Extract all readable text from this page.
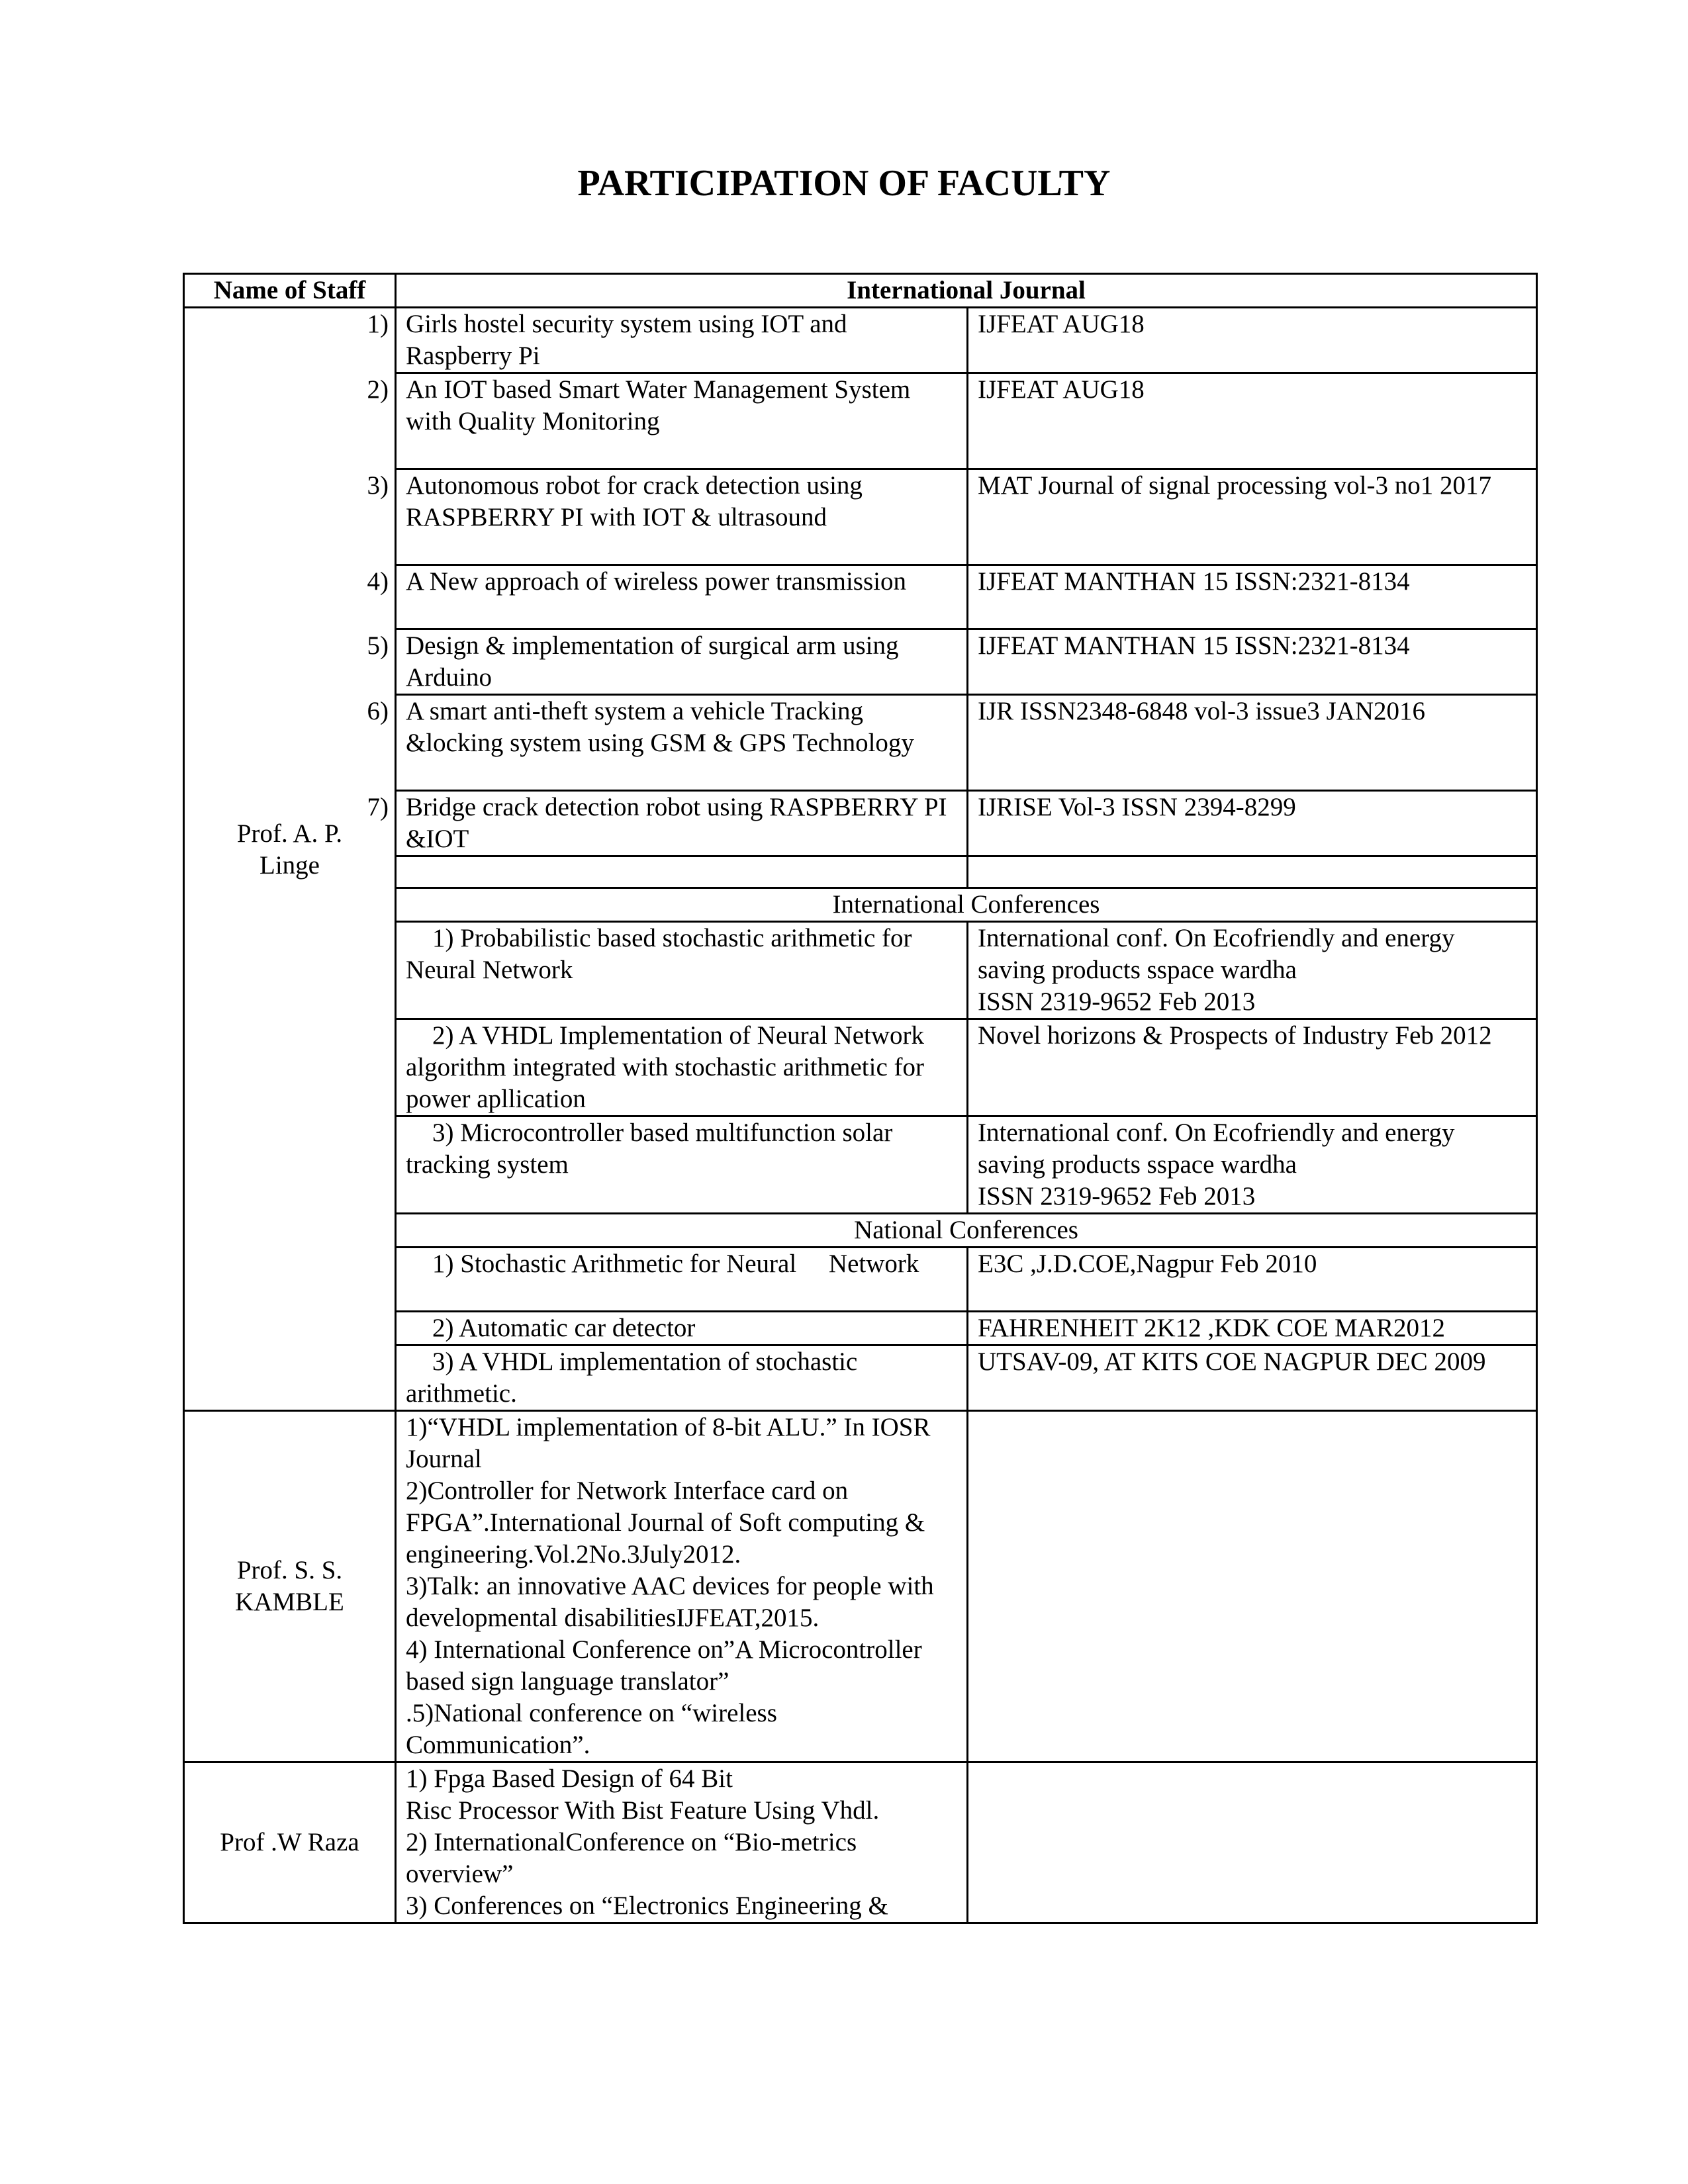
PARTICIPATION OF FACULTY
Name of Staff	International Journal	
Prof. A. P. Linge	1) Girls hostel security system using IOT and Raspberry Pi	IJFEAT AUG18
	2) An IOT based Smart Water Management System with Quality Monitoring	IJFEAT AUG18
	3) Autonomous robot for crack detection using RASPBERRY PI with IOT & ultrasound	MAT Journal of signal processing vol-3 no1 2017
	4) A New approach of wireless power transmission	IJFEAT MANTHAN 15 ISSN:2321-8134
	5) Design & implementation of surgical arm using Arduino	IJFEAT MANTHAN 15 ISSN:2321-8134
	6) A smart anti-theft system a vehicle Tracking &locking system using GSM & GPS Technology	IJR ISSN2348-6848 vol-3 issue3 JAN2016
	7) Bridge crack detection robot using RASPBERRY PI &IOT	IJRISE Vol-3 ISSN 2394-8299

	International Conferences	
	1) Probabilistic based stochastic arithmetic for Neural Network	International conf. On Ecofriendly and energy saving products sspace wardha
ISSN 2319-9652 Feb 2013

	2) A VHDL Implementation of Neural Network algorithm integrated with stochastic arithmetic for power apllication	Novel horizons & Prospects of Industry Feb 2012

	3) Microcontroller based multifunction solar tracking system	International conf. On Ecofriendly and energy saving products sspace wardha
ISSN 2319-9652 Feb 2013

	National Conferences	
	1) Stochastic Arithmetic for Neural     Network	E3C ,J.D.COE,Nagpur Feb 2010
	2) Automatic car detector	FAHRENHEIT 2K12 ,KDK COE MAR2012
	3) A VHDL implementation of stochastic arithmetic.	UTSAV-09, AT KITS COE NAGPUR DEC 2009
Prof. S. S. KAMBLE	1)“VHDL implementation of 8-bit ALU.” In IOSR Journal
2)Controller for Network Interface card on FPGA”.International Journal of Soft computing & engineering.Vol.2No.3July2012.
3)Talk: an innovative AAC devices for people with developmental disabilitiesIJFEAT,2015.
4) International Conference on”A Microcontroller based sign language translator”
.5)National conference on “wireless Communication”.	

Prof .W Raza	1) Fpga Based Design of 64 Bit
Risc Processor With Bist Feature Using Vhdl.
2) InternationalConference on “Bio-metrics overview”
3) Conferences on “Electronics Engineering &	
